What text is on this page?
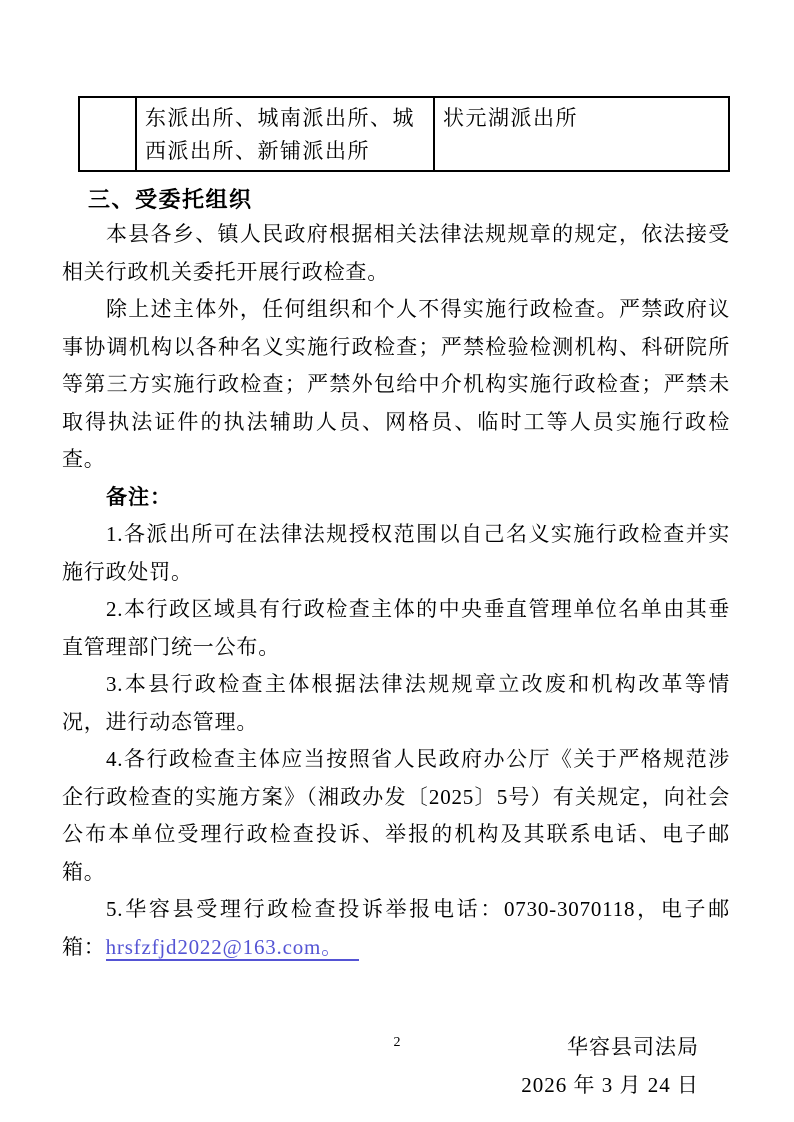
	东派出所、城南派出所、城西派出所、新铺派出所	状元湖派出所
三、受委托组织

本县各乡、镇人民政府根据相关法律法规规章的规定，依法接受相关行政机关委托开展行政检查。

除上述主体外，任何组织和个人不得实施行政检查。严禁政府议事协调机构以各种名义实施行政检查；严禁检验检测机构、科研院所等第三方实施行政检查；严禁外包给中介机构实施行政检查；严禁未取得执法证件的执法辅助人员、网格员、临时工等人员实施行政检查。

备注：

1.各派出所可在法律法规授权范围以自己名义实施行政检查并实施行政处罚。

2.本行政区域具有行政检查主体的中央垂直管理单位名单由其垂直管理部门统一公布。

3.本县行政检查主体根据法律法规规章立改废和机构改革等情况，进行动态管理。

4.各行政检查主体应当按照省人民政府办公厅《关于严格规范涉企行政检查的实施方案》（湘政办发〔2025〕5号）有关规定，向社会公布本单位受理行政检查投诉、举报的机构及其联系电话、电子邮箱。

5.华容县受理行政检查投诉举报电话：0730-3070118，电子邮箱：hrsfzfjd2022@163.com。

华容县司法局
2026 年 3 月 24 日
2
